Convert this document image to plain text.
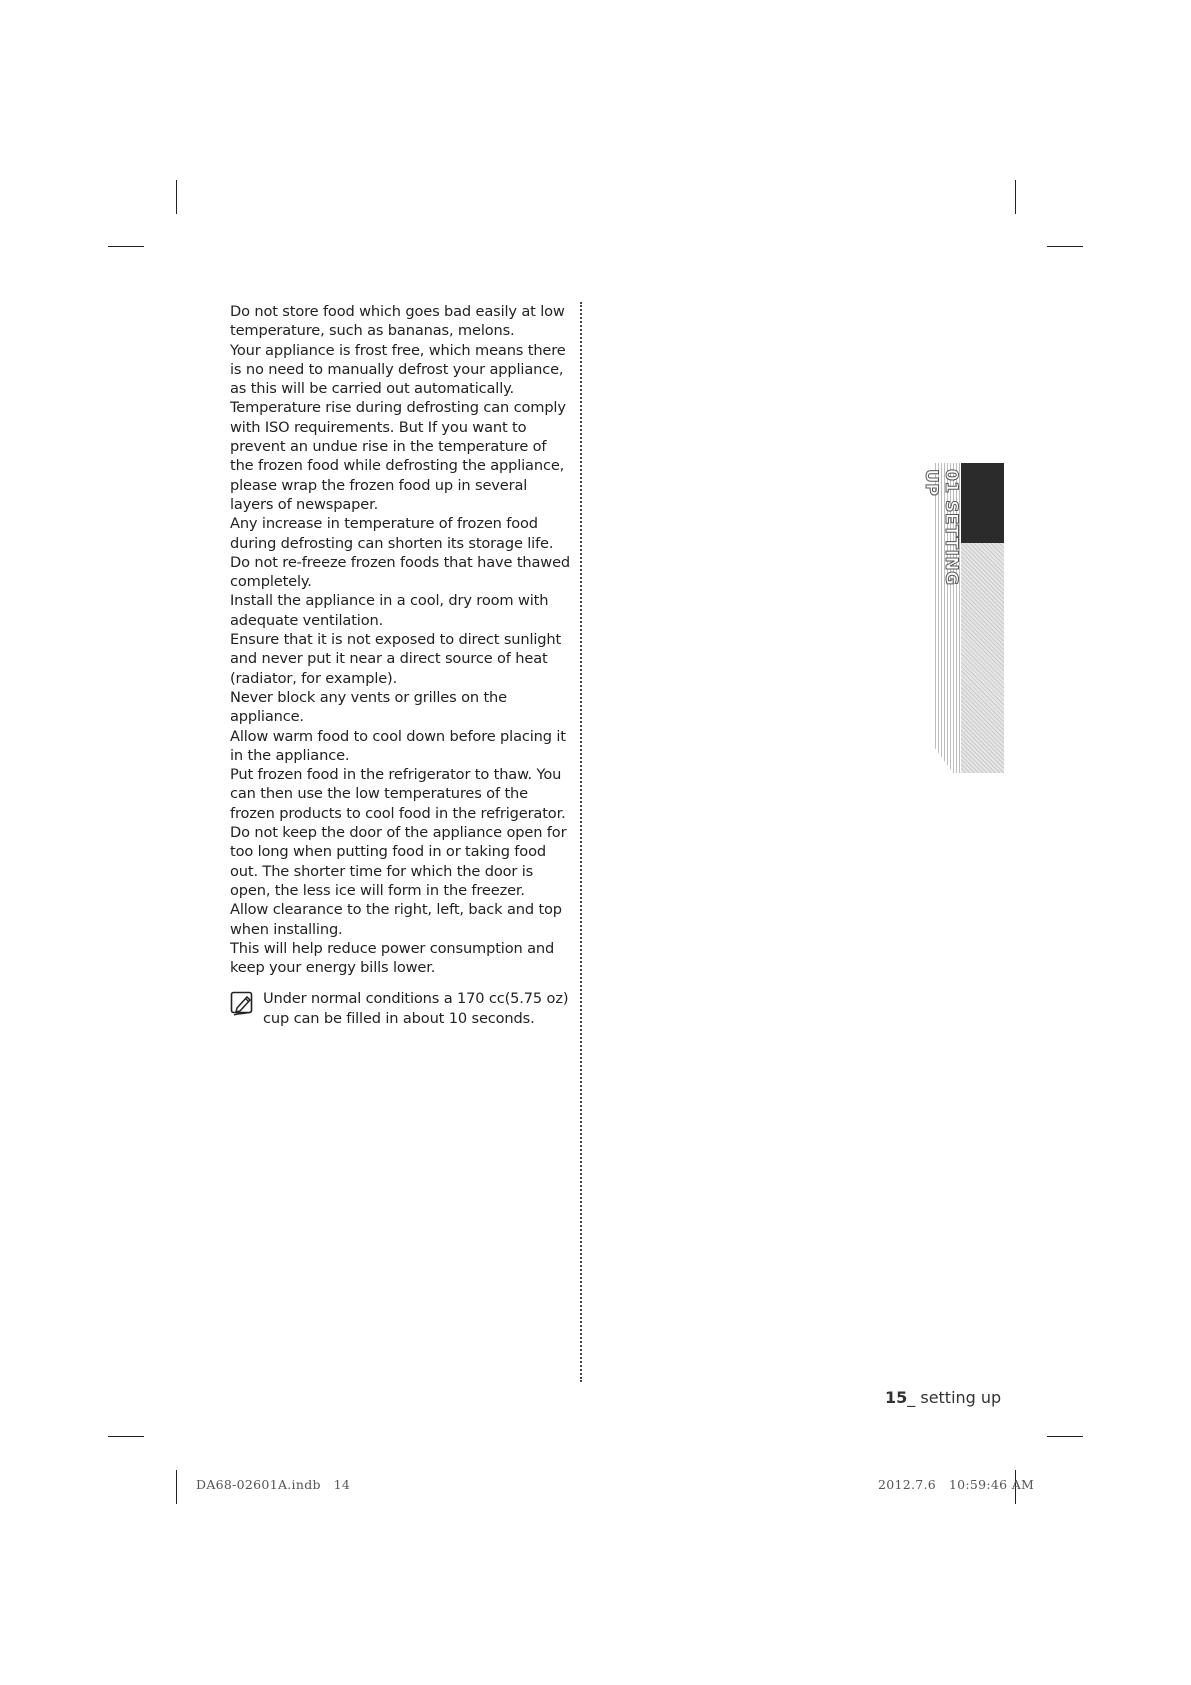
Do not store food which goes bad easily at low temperature, such as bananas, melons.

Your appliance is frost free, which means there is no need to manually defrost your appliance, as this will be carried out automatically.

Temperature rise during defrosting can comply with ISO requirements. But If you want to prevent an undue rise in the temperature of the frozen food while defrosting the appliance, please wrap the frozen food up in several layers of newspaper.

Any increase in temperature of frozen food during defrosting can shorten its storage life.

Do not re-freeze frozen foods that have thawed completely.

Install the appliance in a cool, dry room with adequate ventilation.

Ensure that it is not exposed to direct sunlight and never put it near a direct source of heat (radiator, for example).

Never block any vents or grilles on the appliance.

Allow warm food to cool down before placing it in the appliance.

Put frozen food in the refrigerator to thaw. You can then use the low temperatures of the frozen products to cool food in the refrigerator.

Do not keep the door of the appliance open for too long when putting food in or taking food out. The shorter time for which the door is open, the less ice will form in the freezer.

Allow clearance to the right, left, back and top when installing.

This will help reduce power consumption and keep your energy bills lower.

Under normal conditions a 170 cc(5.75 oz) cup can be filled in about 10 seconds.
01 SETTING UP
15_ setting up
DA68-02601A.indb   14	2012.7.6   10:59:46 AM
